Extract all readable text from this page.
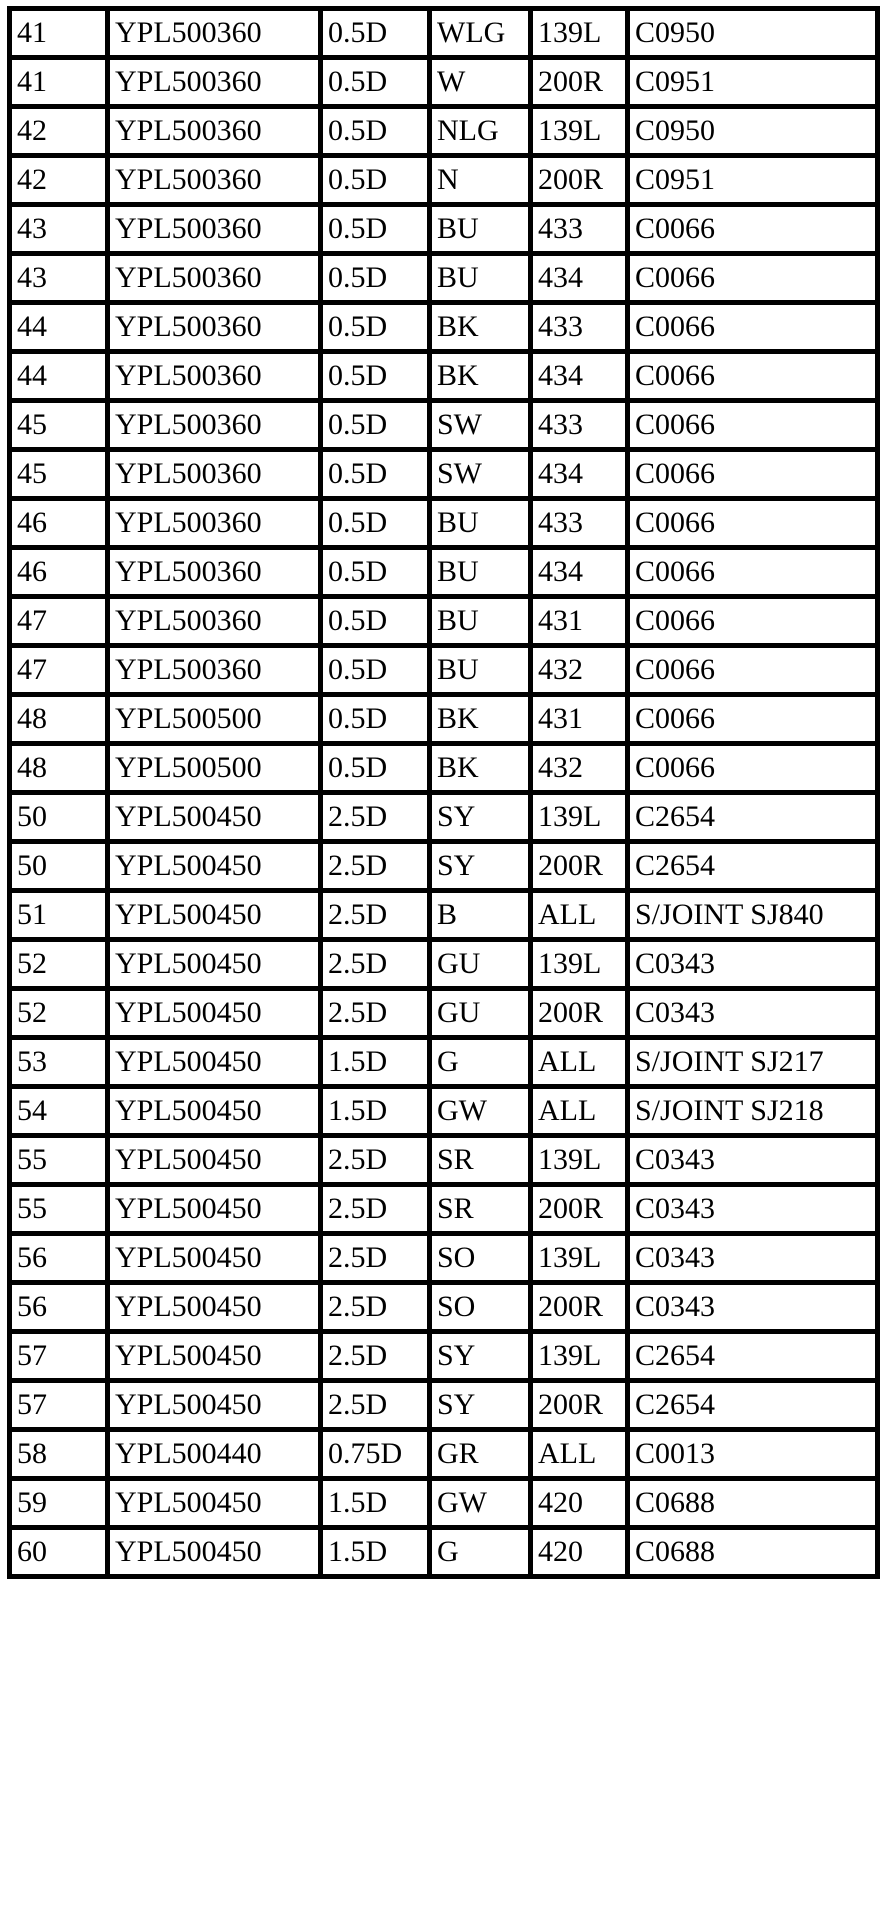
41	YPL500360	0.5D	WLG	139L	C0950
41	YPL500360	0.5D	W	200R	C0951
42	YPL500360	0.5D	NLG	139L	C0950
42	YPL500360	0.5D	N	200R	C0951
43	YPL500360	0.5D	BU	433	C0066
43	YPL500360	0.5D	BU	434	C0066
44	YPL500360	0.5D	BK	433	C0066
44	YPL500360	0.5D	BK	434	C0066
45	YPL500360	0.5D	SW	433	C0066
45	YPL500360	0.5D	SW	434	C0066
46	YPL500360	0.5D	BU	433	C0066
46	YPL500360	0.5D	BU	434	C0066
47	YPL500360	0.5D	BU	431	C0066
47	YPL500360	0.5D	BU	432	C0066
48	YPL500500	0.5D	BK	431	C0066
48	YPL500500	0.5D	BK	432	C0066
50	YPL500450	2.5D	SY	139L	C2654
50	YPL500450	2.5D	SY	200R	C2654
51	YPL500450	2.5D	B	ALL	S/JOINT SJ840
52	YPL500450	2.5D	GU	139L	C0343
52	YPL500450	2.5D	GU	200R	C0343
53	YPL500450	1.5D	G	ALL	S/JOINT SJ217
54	YPL500450	1.5D	GW	ALL	S/JOINT SJ218
55	YPL500450	2.5D	SR	139L	C0343
55	YPL500450	2.5D	SR	200R	C0343
56	YPL500450	2.5D	SO	139L	C0343
56	YPL500450	2.5D	SO	200R	C0343
57	YPL500450	2.5D	SY	139L	C2654
57	YPL500450	2.5D	SY	200R	C2654
58	YPL500440	0.75D	GR	ALL	C0013
59	YPL500450	1.5D	GW	420	C0688
60	YPL500450	1.5D	G	420	C0688
